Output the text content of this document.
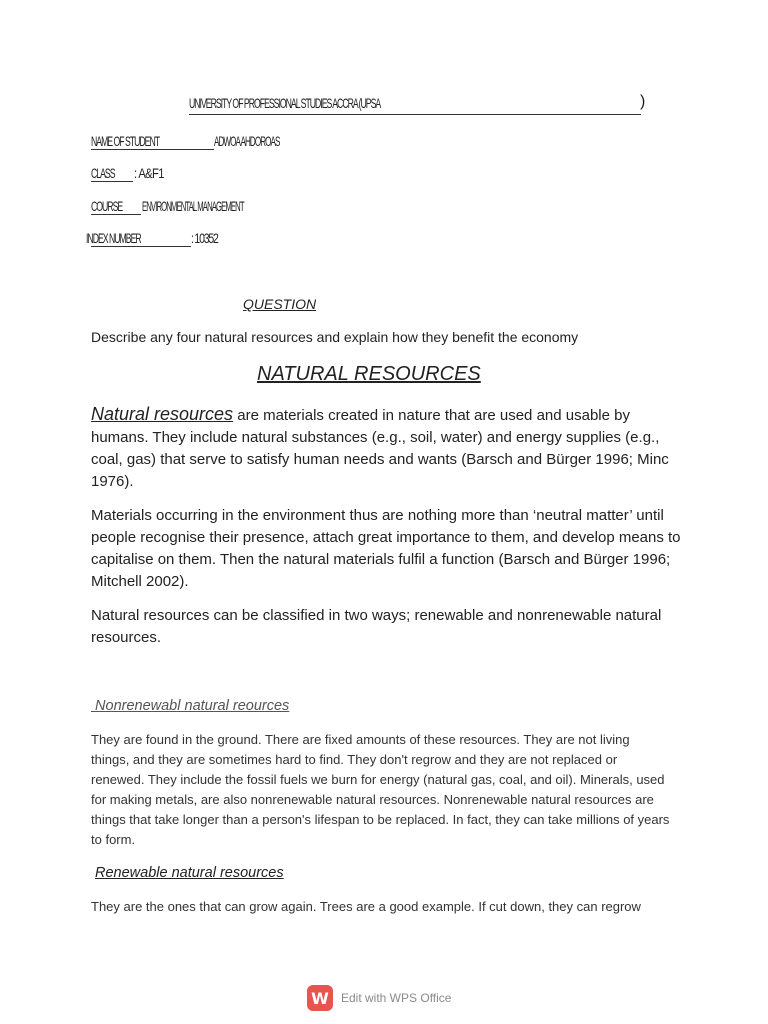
UNIVERSITY OF PROFESSIONAL STUDIES ACCRA (UPSA	)
NAME OF STUDENT	ADWOA AHDOROAS
CLASS	: A&F1
COURSE	ENVIRONMENTAL MANAGEMENT
INDEX NUMBER	: 10352
QUESTION
Describe any four natural resources and explain how they benefit the economy
NATURAL RESOURCES
Natural resources are materials created in nature that are used and usable by humans. They include natural substances (e.g., soil, water) and energy supplies (e.g., coal, gas) that serve to satisfy human needs and wants (Barsch and Bürger 1996; Minc 1976).
Materials occurring in the environment thus are nothing more than ‘neutral matter’ until people recognise their presence, attach great importance to them, and develop means to capitalise on them. Then the natural materials fulfil a function (Barsch and Bürger 1996; Mitchell 2002).
Natural resources can be classified in two ways; renewable and nonrenewable natural resources.
Nonrenewabl natural reources
They are found in the ground. There are fixed amounts of these resources. They are not living things, and they are sometimes hard to find. They don't regrow and they are not replaced or renewed. They include the fossil fuels we burn for energy (natural gas, coal, and oil). Minerals, used for making metals, are also nonrenewable natural resources. Nonrenewable natural resources are things that take longer than a person's lifespan to be replaced. In fact, they can take millions of years to form.
Renewable natural resources
They are the ones that can grow again. Trees are a good example. If cut down, they can regrow
W	Edit with WPS Office
